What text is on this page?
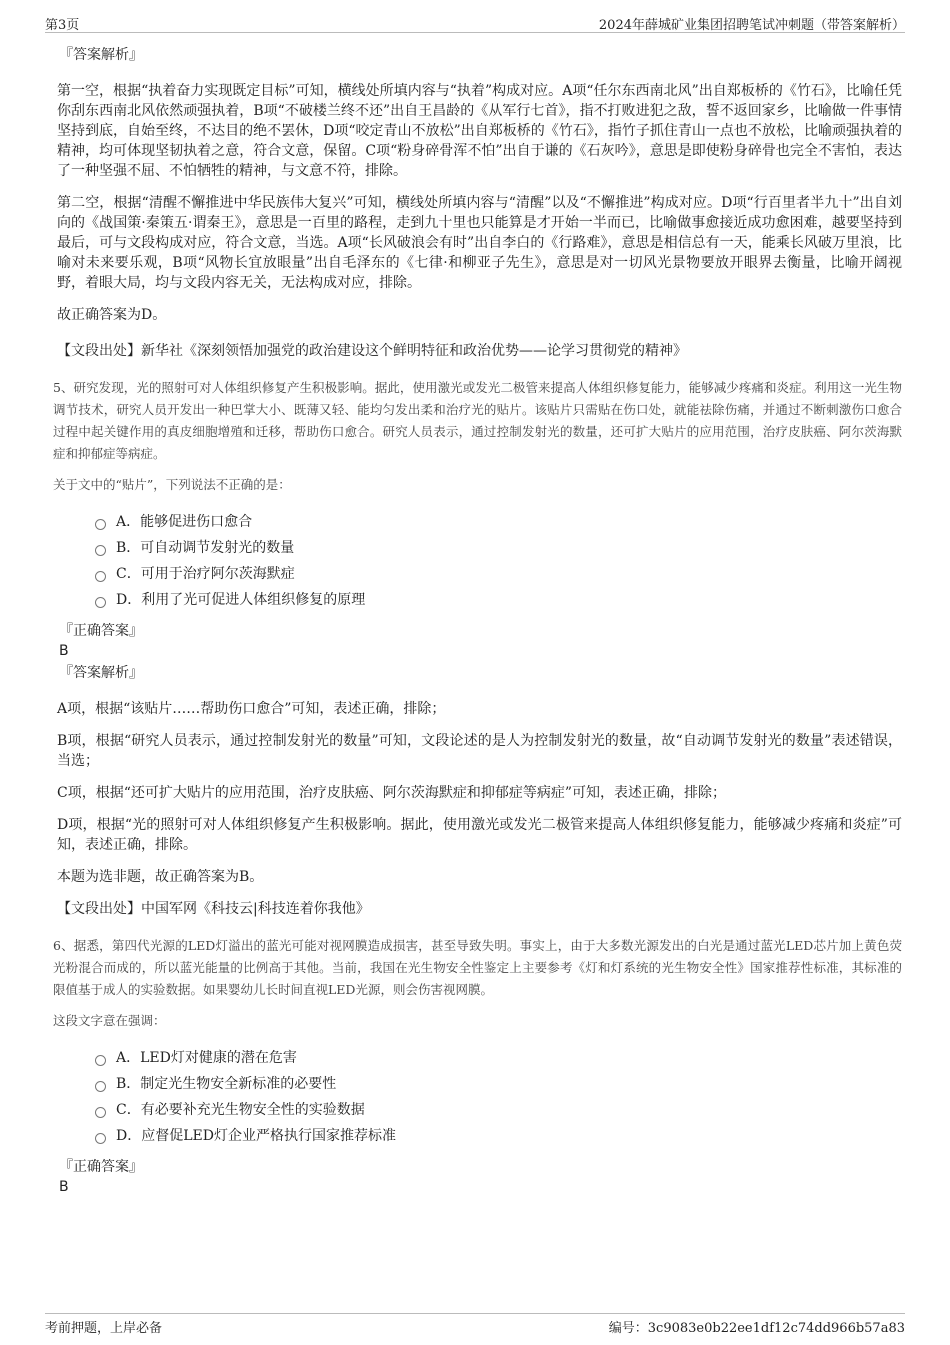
第3页	2024年薛城矿业集团招聘笔试冲刺题（带答案解析）
『答案解析』

第一空，根据“执着奋力实现既定目标”可知，横线处所填内容与“执着”构成对应。A项“任尔东西南北风”出自郑板桥的《竹石》，比喻任凭你刮东西南北风依然顽强执着，B项“不破楼兰终不还”出自王昌龄的《从军行七首》，指不打败进犯之敌，誓不返回家乡，比喻做一件事情坚持到底，自始至终，不达目的绝不罢休，D项“咬定青山不放松”出自郑板桥的《竹石》，指竹子抓住青山一点也不放松，比喻顽强执着的精神，均可体现坚韧执着之意，符合文意，保留。C项“粉身碎骨浑不怕”出自于谦的《石灰吟》，意思是即使粉身碎骨也完全不害怕，表达了一种坚强不屈、不怕牺牲的精神，与文意不符，排除。

第二空，根据“清醒不懈推进中华民族伟大复兴”可知，横线处所填内容与“清醒”以及“不懈推进”构成对应。D项“行百里者半九十”出自刘向的《战国策·秦策五·谓秦王》，意思是一百里的路程，走到九十里也只能算是才开始一半而已，比喻做事愈接近成功愈困难，越要坚持到最后，可与文段构成对应，符合文意，当选。A项“长风破浪会有时”出自李白的《行路难》，意思是相信总有一天，能乘长风破万里浪，比喻对未来要乐观，B项“风物长宜放眼量”出自毛泽东的《七律·和柳亚子先生》，意思是对一切风光景物要放开眼界去衡量，比喻开阔视野，着眼大局，均与文段内容无关，无法构成对应，排除。

故正确答案为D。

【文段出处】新华社《深刻领悟加强党的政治建设这个鲜明特征和政治优势——论学习贯彻党的精神》

5、研究发现，光的照射可对人体组织修复产生积极影响。据此，使用激光或发光二极管来提高人体组织修复能力，能够减少疼痛和炎症。利用这一光生物调节技术，研究人员开发出一种巴掌大小、既薄又轻、能均匀发出柔和治疗光的贴片。该贴片只需贴在伤口处，就能祛除伤痛，并通过不断刺激伤口愈合过程中起关键作用的真皮细胞增殖和迁移，帮助伤口愈合。研究人员表示，通过控制发射光的数量，还可扩大贴片的应用范围，治疗皮肤癌、阿尔茨海默症和抑郁症等病症。

关于文中的“贴片”，下列说法不正确的是：

A．能够促进伤口愈合
B．可自动调节发射光的数量
C．可用于治疗阿尔茨海默症
D．利用了光可促进人体组织修复的原理
『正确答案』
B
『答案解析』

A项，根据“该贴片……帮助伤口愈合”可知，表述正确，排除；

B项，根据“研究人员表示，通过控制发射光的数量”可知，文段论述的是人为控制发射光的数量，故“自动调节发射光的数量”表述错误，当选；

C项，根据“还可扩大贴片的应用范围，治疗皮肤癌、阿尔茨海默症和抑郁症等病症”可知，表述正确，排除；

D项，根据“光的照射可对人体组织修复产生积极影响。据此，使用激光或发光二极管来提高人体组织修复能力，能够减少疼痛和炎症”可知，表述正确，排除。

本题为选非题，故正确答案为B。

【文段出处】中国军网《科技云|科技连着你我他》

6、据悉，第四代光源的LED灯溢出的蓝光可能对视网膜造成损害，甚至导致失明。事实上，由于大多数光源发出的白光是通过蓝光LED芯片加上黄色荧光粉混合而成的，所以蓝光能量的比例高于其他。当前，我国在光生物安全性鉴定上主要参考《灯和灯系统的光生物安全性》国家推荐性标准，其标准的限值基于成人的实验数据。如果婴幼儿长时间直视LED光源，则会伤害视网膜。

这段文字意在强调：

A．LED灯对健康的潜在危害
B．制定光生物安全新标准的必要性
C．有必要补充光生物安全性的实验数据
D．应督促LED灯企业严格执行国家推荐标准
『正确答案』
B
考前押题，上岸必备	编号：3c9083e0b22ee1df12c74dd966b57a83
